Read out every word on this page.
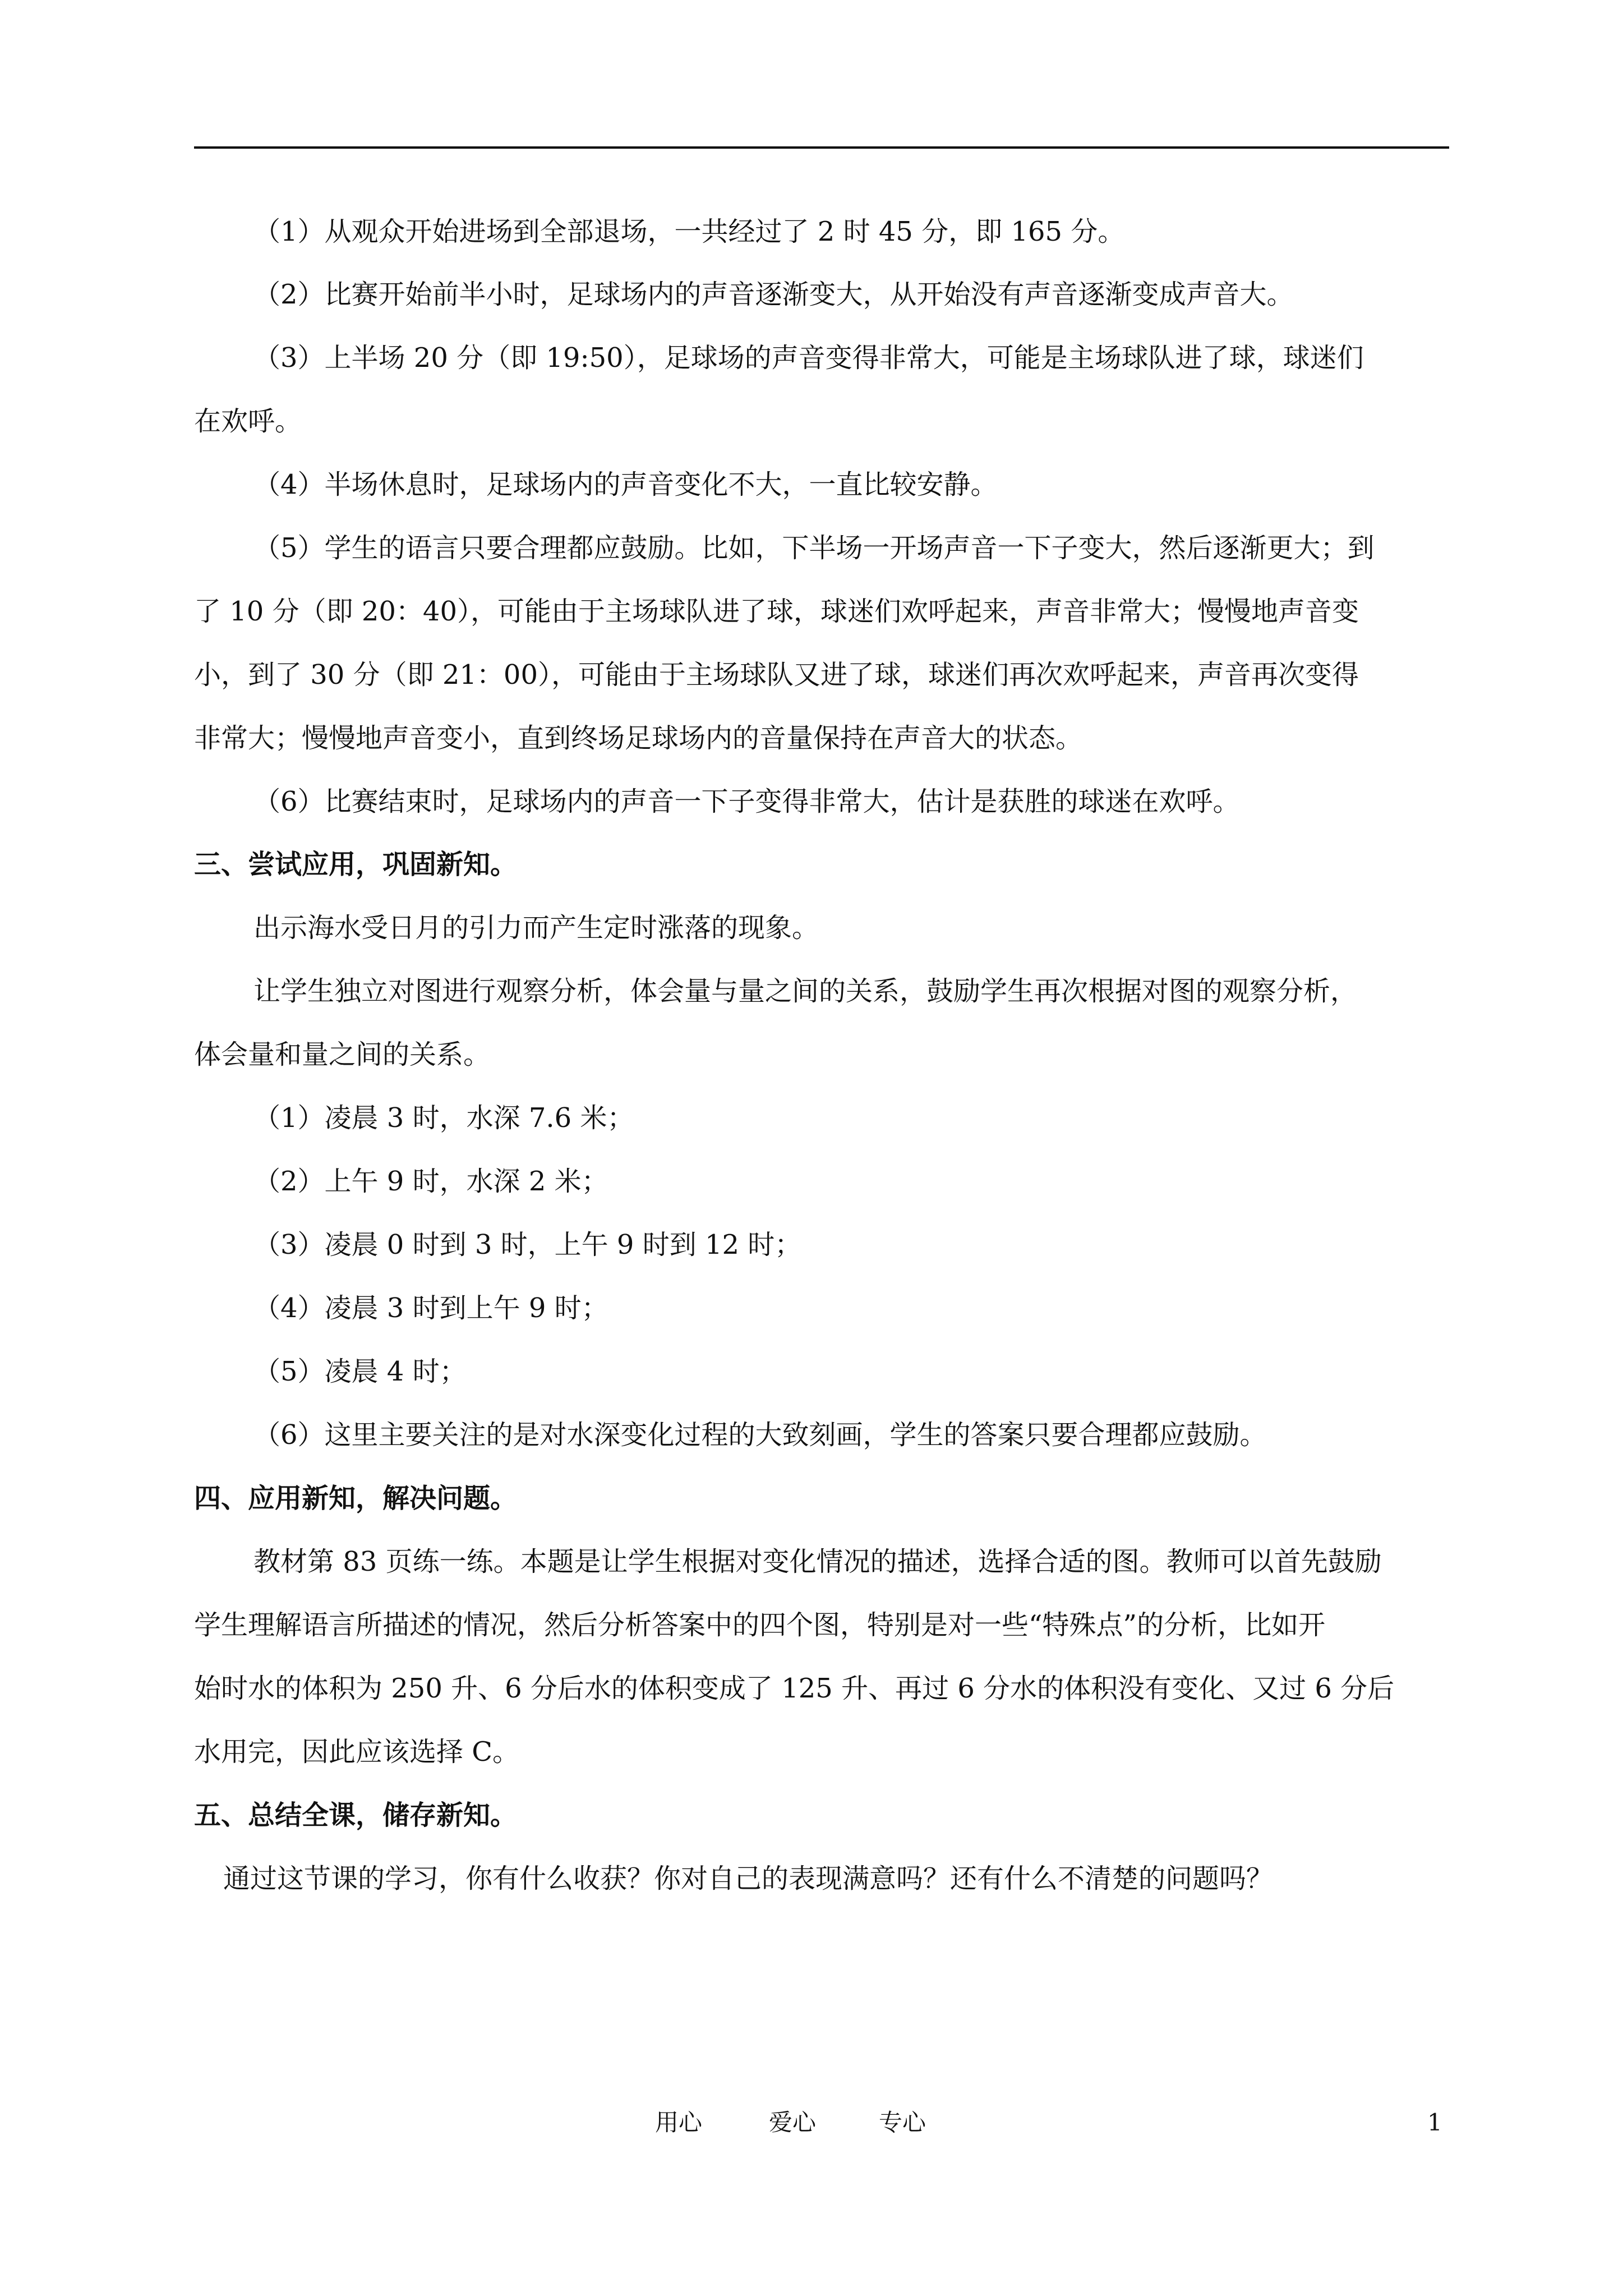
（1）从观众开始进场到全部退场，一共经过了 2 时 45 分，即 165 分。
（2）比赛开始前半小时，足球场内的声音逐渐变大，从开始没有声音逐渐变成声音大。
（3）上半场 20 分（即 19:50），足球场的声音变得非常大，可能是主场球队进了球，球迷们
在欢呼。
（4）半场休息时，足球场内的声音变化不大，一直比较安静。
（5）学生的语言只要合理都应鼓励。比如，下半场一开场声音一下子变大，然后逐渐更大；到
了 10 分（即 20：40），可能由于主场球队进了球，球迷们欢呼起来，声音非常大；慢慢地声音变
小，到了 30 分（即 21：00），可能由于主场球队又进了球，球迷们再次欢呼起来，声音再次变得
非常大；慢慢地声音变小，直到终场足球场内的音量保持在声音大的状态。
（6）比赛结束时，足球场内的声音一下子变得非常大，估计是获胜的球迷在欢呼。
三、尝试应用，巩固新知。
出示海水受日月的引力而产生定时涨落的现象。
让学生独立对图进行观察分析，体会量与量之间的关系，鼓励学生再次根据对图的观察分析，
体会量和量之间的关系。
（1）凌晨 3 时，水深 7.6 米；
（2）上午 9 时，水深 2 米；
（3）凌晨 0 时到 3 时，上午 9 时到 12 时；
（4）凌晨 3 时到上午 9 时；
（5）凌晨 4 时；
（6）这里主要关注的是对水深变化过程的大致刻画，学生的答案只要合理都应鼓励。
四、应用新知，解决问题。
教材第 83 页练一练。本题是让学生根据对变化情况的描述，选择合适的图。教师可以首先鼓励
学生理解语言所描述的情况，然后分析答案中的四个图，特别是对一些“特殊点”的分析，比如开
始时水的体积为 250 升、6 分后水的体积变成了 125 升、再过 6 分水的体积没有变化、又过 6 分后
水用完，因此应该选择 C。
五、总结全课，储存新知。
通过这节课的学习，你有什么收获？你对自己的表现满意吗？还有什么不清楚的问题吗？
用心	爱心	专心	1
